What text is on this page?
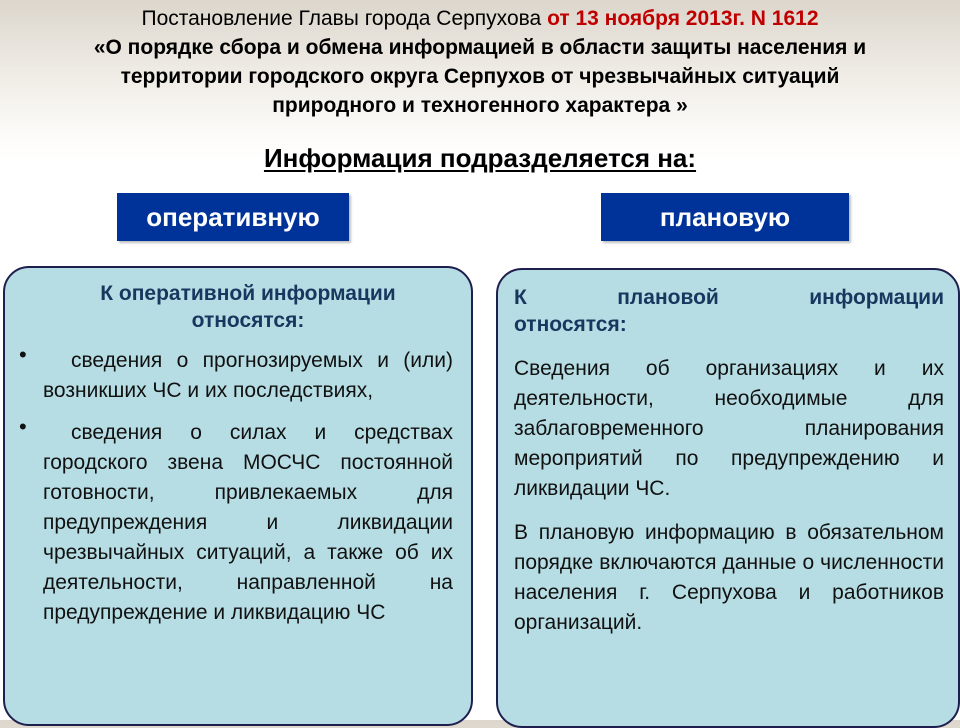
Постановление Главы города Серпухова от 13 ноября 2013г. N 1612
«О порядке сбора и обмена информацией в области защиты населения и
территории городского округа Серпухов от чрезвычайных ситуаций
природного и техногенного характера »
Информация подразделяется на:
оперативную	плановую
К оперативной информации
относятся:
• сведения о прогнозируемых и (или) возникших ЧС и их последствиях,
• сведения о силах и средствах городского звена МОСЧС постоянной готовности, привлекаемых для предупреждения и ликвидации чрезвычайных ситуаций, а также об их деятельности, направленной на предупреждение и ликвидацию ЧС
К плановой информации
относятся:
Сведения об организациях и их деятельности, необходимые для заблаговременного планирования мероприятий по предупреждению и ликвидации ЧС.
В плановую информацию в обязательном порядке включаются данные о численности населения г. Серпухова и работников организаций.
